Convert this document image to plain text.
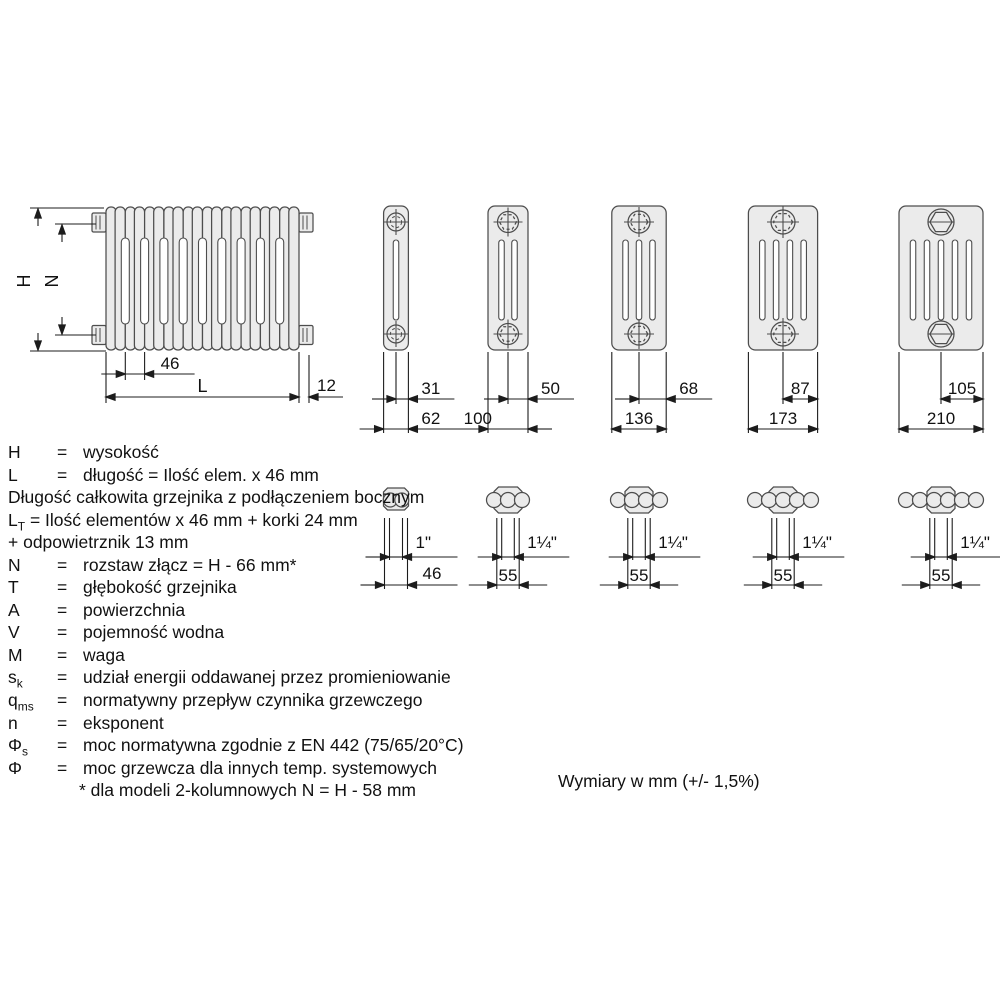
H N
46
L	12	31
62
50
100
68
136
87
173
105
210
1"
46
1¼"
55
1¼"
55
1¼"
55
1¼"
55
H	= wysokość
L	= długość = Ilość elem. x 46 mm
Długość całkowita grzejnika z podłączeniem bocznym
$L_T$ = Ilość elementów x 46 mm + korki 24 mm
+ odpowietrznik 13 mm
N	= rozstaw złącz = H - 66 mm*
T	= głębokość grzejnika
A	= powierzchnia
V	= pojemność wodna
M	= waga
$s_k$	= udział energii oddawanej przez promieniowanie
$q_{ms}$	= normatywny przepływ czynnika grzewczego
n	= eksponent
$\Phi_s$	= moc normatywna zgodnie z EN 442 (75/65/20°C)
Φ	= moc grzewcza dla innych temp. systemowych
* dla modeli 2-kolumnowych N = H - 58 mm	Wymiary w mm (+/- 1,5%)
